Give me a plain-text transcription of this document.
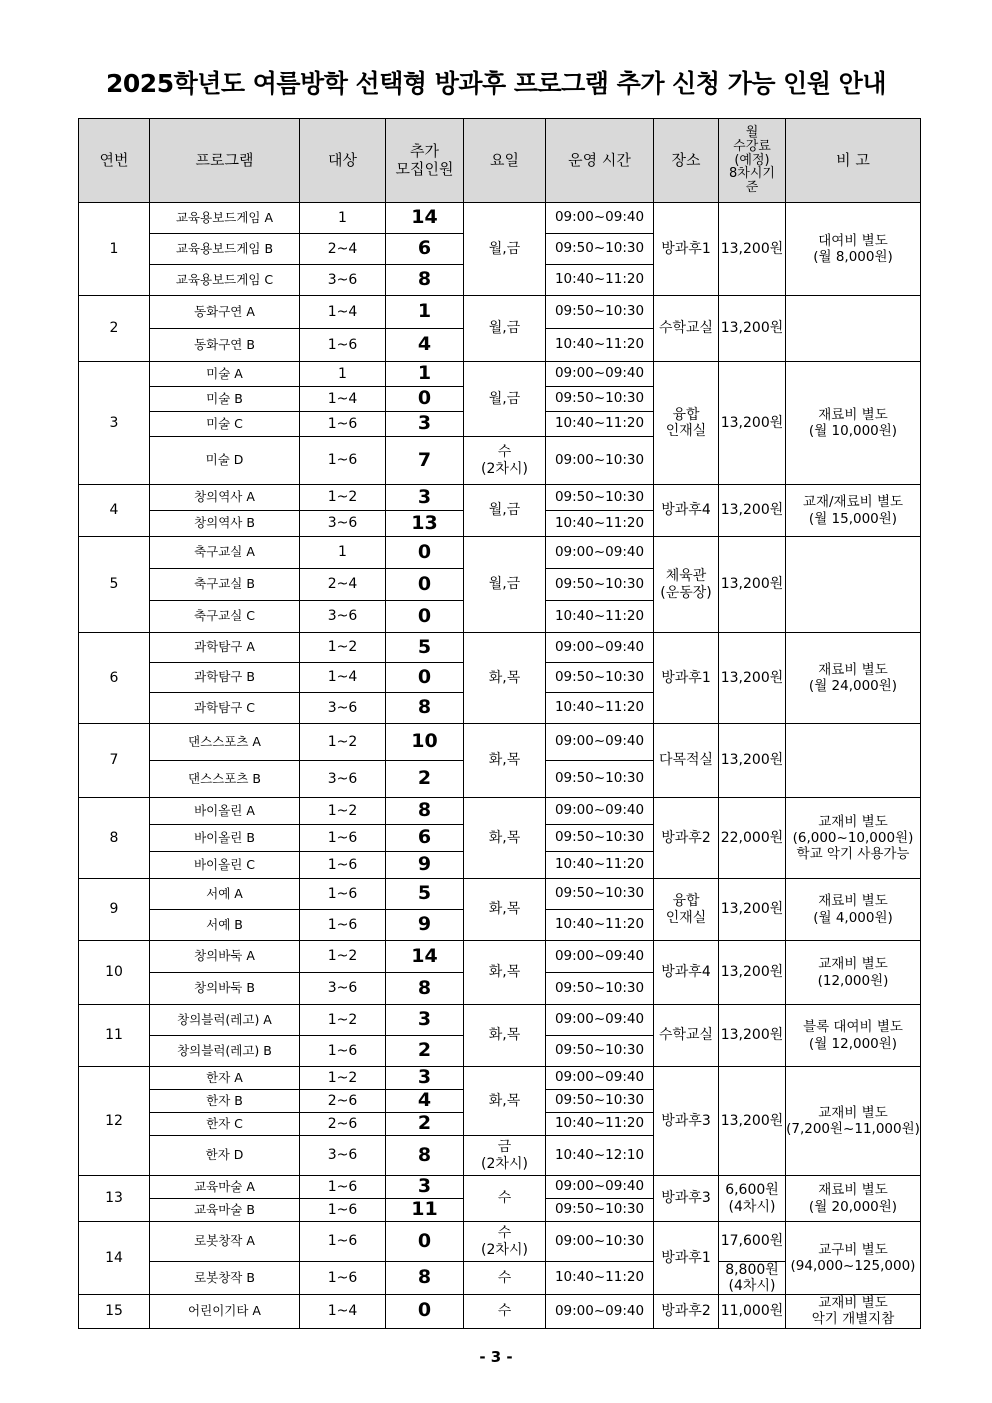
2025학년도 여름방학 선택형 방과후 프로그램 추가 신청 가능 인원 안내
연번	프로그램	대상	추가
모집인원	요일	운영 시간	장소	월
수강료
(예정)
8차시기
준	비 고
1	교육용보드게임 A	1	14	월,금	09:00~09:40	방과후1	13,200원	대여비 별도
(월 8,000원)
	교육용보드게임 B	2~4	6		09:50~10:30			
	교육용보드게임 C	3~6	8		10:40~11:20			
2	동화구연 A	1~4	1	월,금	09:50~10:30	수학교실	13,200원	
	동화구연 B	1~6	4		10:40~11:20			
3	미술 A	1	1	월,금	09:00~09:40	융합
인재실	13,200원	재료비 별도
(월 10,000원)
	미술 B	1~4	0		09:50~10:30			
	미술 C	1~6	3		10:40~11:20			
	미술 D	1~6	7	수
(2차시)	09:00~10:30			
4	창의역사 A	1~2	3	월,금	09:50~10:30	방과후4	13,200원	교재/재료비 별도
(월 15,000원)
	창의역사 B	3~6	13		10:40~11:20			
5	축구교실 A	1	0	월,금	09:00~09:40	체육관
(운동장)	13,200원	
	축구교실 B	2~4	0		09:50~10:30			
	축구교실 C	3~6	0		10:40~11:20			
6	과학탐구 A	1~2	5	화,목	09:00~09:40	방과후1	13,200원	재료비 별도
(월 24,000원)
	과학탐구 B	1~4	0		09:50~10:30			
	과학탐구 C	3~6	8		10:40~11:20			
7	댄스스포츠 A	1~2	10	화,목	09:00~09:40	다목적실	13,200원	
	댄스스포츠 B	3~6	2		09:50~10:30			
8	바이올린 A	1~2	8	화,목	09:00~09:40	방과후2	22,000원	교재비 별도
(6,000~10,000원)
학교 악기 사용가능
	바이올린 B	1~6	6		09:50~10:30			
	바이올린 C	1~6	9		10:40~11:20			
9	서예 A	1~6	5	화,목	09:50~10:30	융합
인재실	13,200원	재료비 별도
(월 4,000원)
	서예 B	1~6	9		10:40~11:20			
10	창의바둑 A	1~2	14	화,목	09:00~09:40	방과후4	13,200원	교재비 별도
(12,000원)
	창의바둑 B	3~6	8		09:50~10:30			
11	창의블럭(레고) A	1~2	3	화,목	09:00~09:40	수학교실	13,200원	블록 대여비 별도
(월 12,000원)
	창의블럭(레고) B	1~6	2		09:50~10:30			
12	한자 A	1~2	3	화,목	09:00~09:40	방과후3	13,200원	교재비 별도
(7,200원~11,000원)
	한자 B	2~6	4		09:50~10:30			
	한자 C	2~6	2		10:40~11:20			
	한자 D	3~6	8	금
(2차시)	10:40~12:10			
13	교육마술 A	1~6	3	수	09:00~09:40	방과후3	6,600원
(4차시)	재료비 별도
(월 20,000원)
	교육마술 B	1~6	11		09:50~10:30			
14	로봇창작 A	1~6	0	수
(2차시)	09:00~10:30	방과후1	17,600원	교구비 별도
(94,000~125,000)
	로봇창작 B	1~6	8	수	10:40~11:20		8,800원
(4차시)	
15	어린이기타 A	1~4	0	수	09:00~09:40	방과후2	11,000원	교재비 별도
악기 개별지참
- 3 -
